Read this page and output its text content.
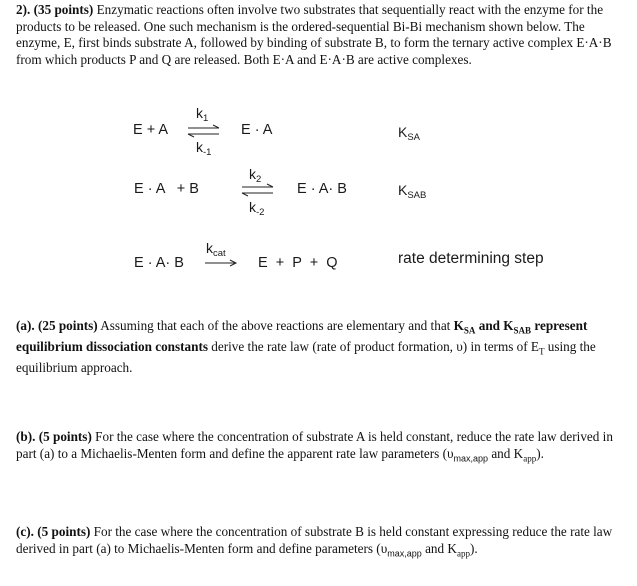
2). (35 points) Enzymatic reactions often involve two substrates that sequentially react with the enzyme for the products to be released. One such mechanism is the ordered-sequential Bi-Bi mechanism shown below. The enzyme, E, first binds substrate A, followed by binding of substrate B, to form the ternary active complex E·A·B from which products P and Q are released. Both E·A and E·A·B are active complexes.
E + A
$k_1$
$k_{-1}$
E · A	$K_{SA}$
E · A   + B
$k_2$
$k_{-2}$
E · A· B	$K_{SAB}$
E · A· B
$k_{cat}$
E  +  P  +  Q	rate determining step
(a). (25 points) Assuming that each of the above reactions are elementary and that $K_{SA}$ and $K_{SAB}$ represent equilibrium dissociation constants derive the rate law (rate of product formation, υ) in terms of $E_T$ using the equilibrium approach.
(b). (5 points) For the case where the concentration of substrate A is held constant, reduce the rate law derived in part (a) to a Michaelis-Menten form and define the apparent rate law parameters ($\upsilon_{max,app}$ and $K_{app}$).
(c). (5 points) For the case where the concentration of substrate B is held constant expressing reduce the rate law derived in part (a) to Michaelis-Menten form and define parameters ($\upsilon_{max,app}$ and $K_{app}$).
